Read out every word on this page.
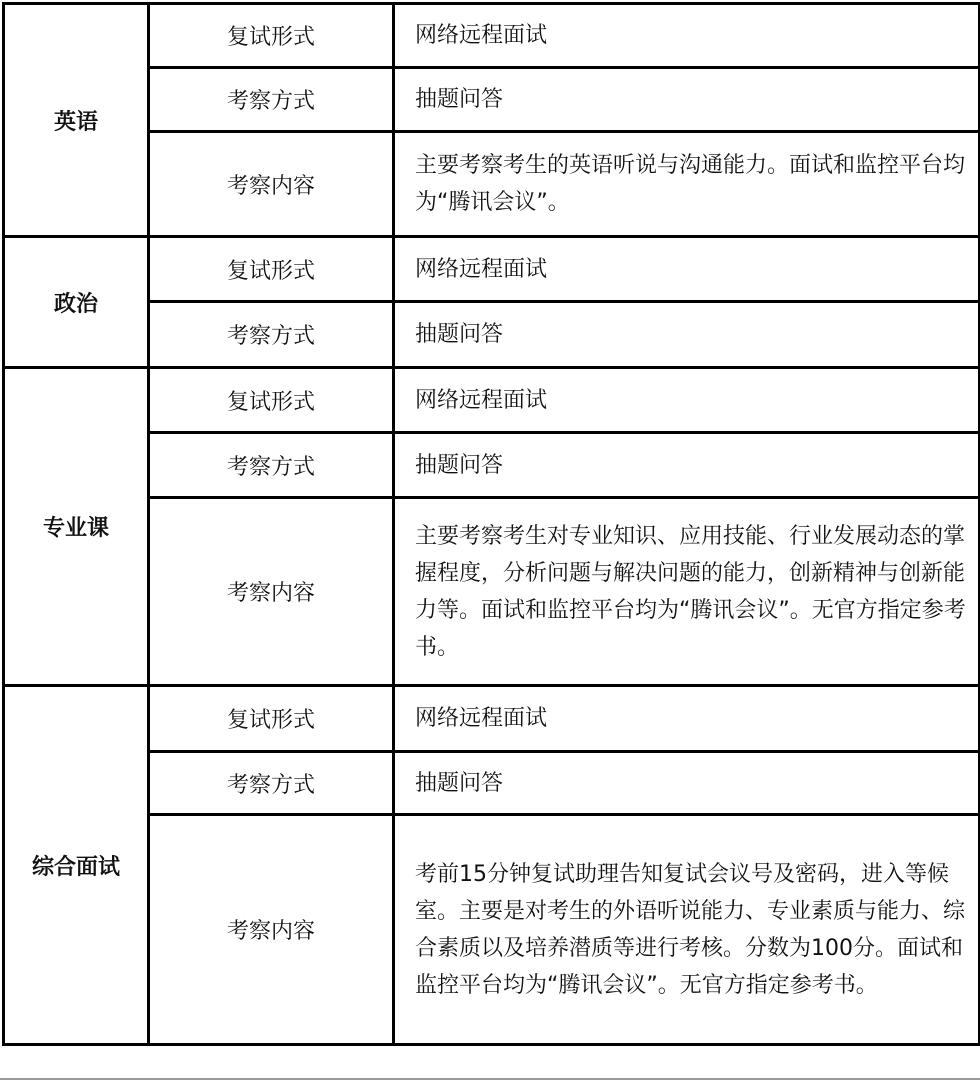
英语	复试形式	网络远程面试
	考察方式	抽题问答
	考察内容	主要考察考生的英语听说与沟通能力。面试和监控平台均为“腾讯会议”。
政治	复试形式	网络远程面试
	考察方式	抽题问答
专业课	复试形式	网络远程面试
	考察方式	抽题问答
	考察内容	主要考察考生对专业知识、应用技能、行业发展动态的掌握程度，分析问题与解决问题的能力，创新精神与创新能力等。面试和监控平台均为“腾讯会议”。无官方指定参考书。
综合面试	复试形式	网络远程面试
	考察方式	抽题问答
	考察内容	考前15分钟复试助理告知复试会议号及密码，进入等候室。主要是对考生的外语听说能力、专业素质与能力、综合素质以及培养潜质等进行考核。分数为100分。面试和监控平台均为“腾讯会议”。无官方指定参考书。
